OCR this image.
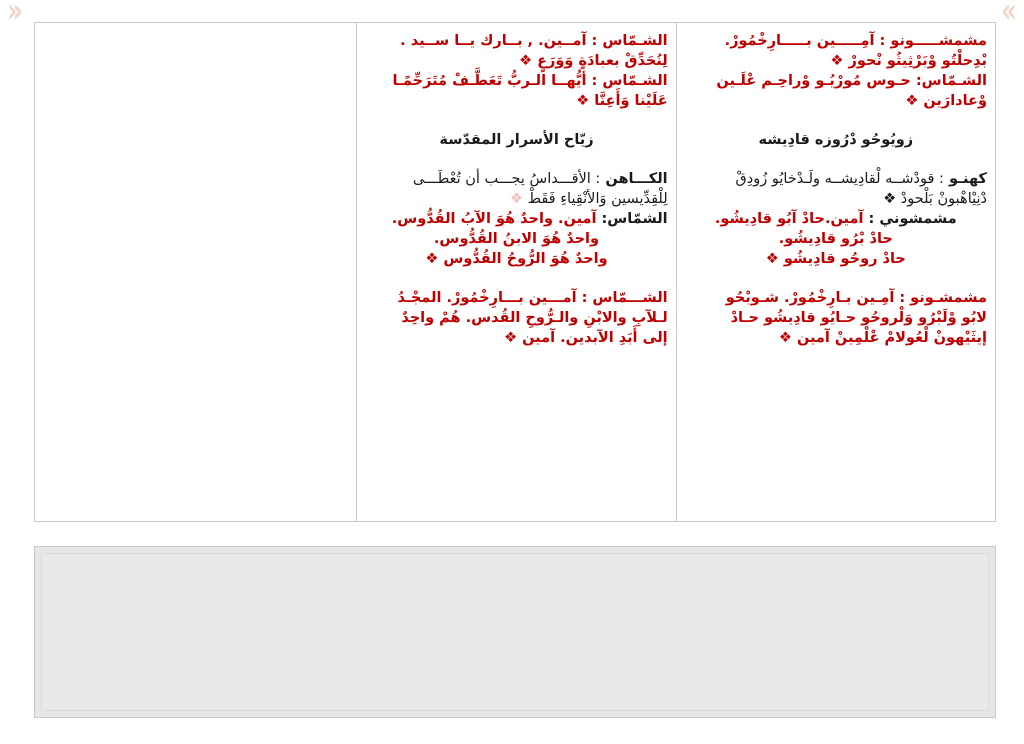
»	«

الشـمّاس : آمــين. , بــارك يــا ســيد .

لِنُحَدِّقْ بعبادَةٍ وَوَرَعٍ ❖

الشـمّاس : أيُّهــا الـربُّ تَعَطَّـفْ مُتَرَحِّمًـا

عَلَيْنا وَأَعِنَّا ❖

زيّاح الأسرار المقدّسة

الكـــاهن : الأقـــداسُ يجـــب أن تُعْطَـــى

لِلْقِدِّيسين وَالأنْقِياءِ فَقَطْ ❖

الشمّاس: آمين. واحدٌ هُوَ الآبُ القُدُّوس.

واحدٌ هُوَ الابنُ القُدُّوس.

واحدٌ هُوَ الرُّوحُ القُدُّوس ❖

الشـــمّاس : آمـــين بـــارِخْمُورْ. المجْـدُ

لـلآبِ والابْنِ والـرُّوحِ القُدس. هُمْ واحِدٌ

إلى أَبَدِ الآبدين. آمين ❖

مشمشـــــونو : آمِـــــين بـــــارِخْمُورْ.

بْدِحلْتُو وْبَرْثِيثُو نْحورْ ❖

الشـمّاس: حـوس مُورْيُـو وْراحِـم عْلَـين

وْعادارَين ❖

زويُوحُو دْرُوزه قادِيشه

كهنـو : قودْشــه لْقادِيشــه ولَـدْخايُو زُودِقْ

دْنِيْاهْبونْ بَلْحودْ ❖

مشمشوني : آمين.حادْ آبُو قادِيشُو.

حادْ بْرُو قادِيشُو.

حادْ روحُو قادِيشُو ❖

مشمشـونو : آمِـين بـارِخْمُورْ. شـوبْحُو

لابُو وْلَبْرُو وَلْروحُو حـايُو قادِيشُو حـادْ

إيثَيْهونْ لْعُولامْ عْلْمِينْ آمين ❖
